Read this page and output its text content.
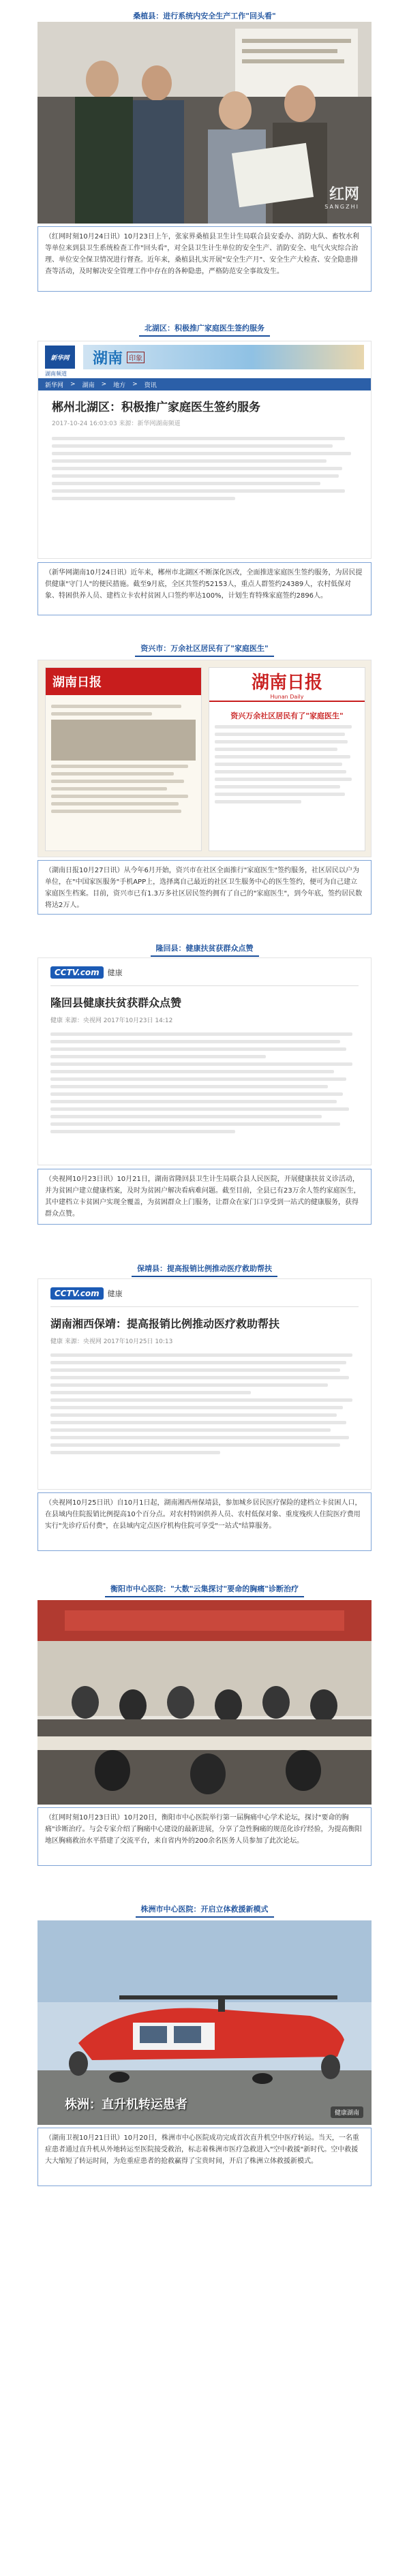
桑植县：进行系统内安全生产工作"回头看"
红网
SANGZHI
（红网时刻10月24日讯）10月23日上午，张家界桑植县卫生计生局联合县安委办、消防大队、畜牧水利等单位来到县卫生系统检查工作"回头看"，对全县卫生计生单位的安全生产、消防安全、电气火灾综合治理、单位安全保卫情况进行督查。近年来，桑植县扎实开展"安全生产月"、安全生产大检查、安全隐患排查等活动，及时解决安全管理工作中存在的各种隐患，严格防范安全事故发生。
北湖区：积极推广家庭医生签约服务
新华网	湖南 印象
湖南频道
新华网 > 湖南 > 地方 > 资讯
郴州北湖区：积极推广家庭医生签约服务
2017-10-24 16:03:03 来源：新华网湖南频道
（新华网湖南10月24日讯）近年来，郴州市北湖区不断深化医改，全面推进家庭医生签约服务，为居民提供健康"守门人"的便民措施。截至9月底，全区共签约52153人，重点人群签约24389人，农村低保对象、特困供养人员、建档立卡农村贫困人口签约率达100%，计划生育特殊家庭签约2896人。
资兴市：万余社区居民有了"家庭医生"
湖南日报	湖南日报
Hunan Daily
资兴万余社区居民有了"家庭医生"
（湖南日报10月27日讯）从今年6月开始，资兴市在社区全面推行"家庭医生"签约服务，社区居民以户为单位，在"中国家医服务"手机APP上，选择离自己最近的社区卫生服务中心的医生签约，便可为自己建立家庭医生档案。目前，资兴市已有1.3万多社区居民签约拥有了自己的"家庭医生"，到今年底，签约居民数将达2万人。
隆回县：健康扶贫获群众点赞
CCTV.com	健康
隆回县健康扶贫获群众点赞
健康 来源：央视网 2017年10月23日 14:12
（央视网10月23日讯）10月21日，湖南省隆回县卫生计生局联合县人民医院，开展健康扶贫义诊活动，并为贫困户建立健康档案，及时为贫困户解决看病难问题。截至目前，全县已有23万余人签约家庭医生，其中建档立卡贫困户实现全覆盖，为贫困群众上门服务，让群众在家门口享受到一站式的健康服务，获得群众点赞。
保靖县：提高报销比例推动医疗救助帮扶
CCTV.com	健康
湖南湘西保靖：提高报销比例推动医疗救助帮扶
健康 来源：央视网 2017年10月25日 10:13
（央视网10月25日讯）自10月1日起，湖南湘西州保靖县，参加城乡居民医疗保险的建档立卡贫困人口，在县域内住院报销比例提高10个百分点。对农村特困供养人员、农村低保对象、重度残疾人住院医疗费用实行"先诊疗后付费"，在县域内定点医疗机构住院可享受"一站式"结算服务。
衡阳市中心医院："大数"云集探讨"要命的胸痛"诊断治疗
（红网时刻10月23日讯）10月20日，衡阳市中心医院举行第一届胸痛中心学术论坛，探讨"要命的胸痛"诊断治疗。与会专家介绍了胸痛中心建设的最新进展，分享了急性胸痛的规范化诊疗经验，为提高衡阳地区胸痛救治水平搭建了交流平台，来自省内外的200余名医务人员参加了此次论坛。
株洲市中心医院：开启立体救援新模式
株洲：直升机转运患者
健康湖南
（湖南卫视10月21日讯）10月20日，株洲市中心医院成功完成首次直升机空中医疗转运。当天，一名重症患者通过直升机从外地转运至医院接受救治，标志着株洲市医疗急救进入"空中救援"新时代。空中救援大大缩短了转运时间，为危重症患者的抢救赢得了宝贵时间，开启了株洲立体救援新模式。
